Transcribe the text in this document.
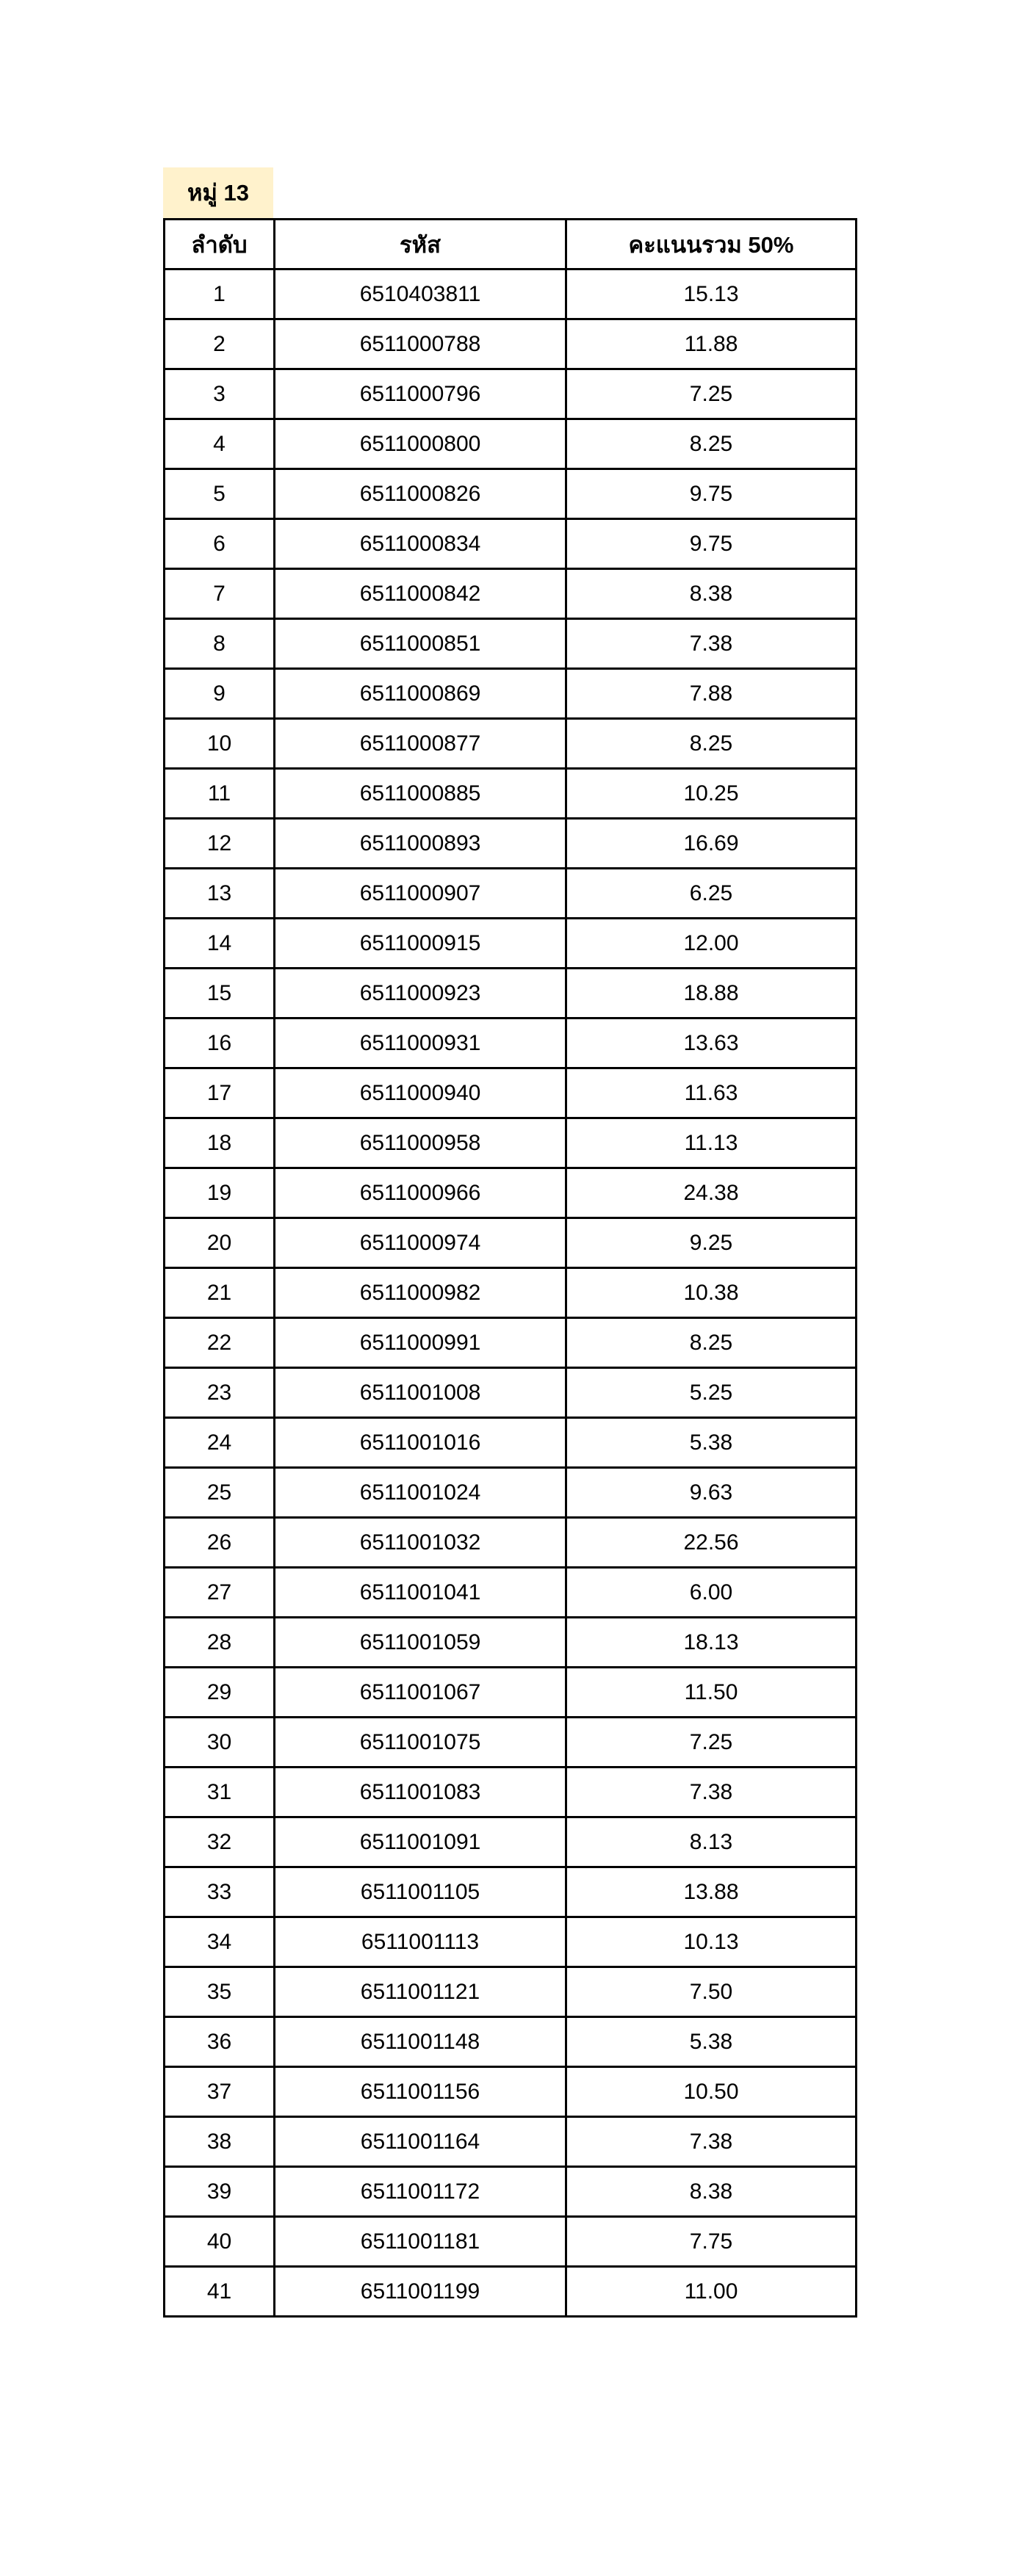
หมู่ 13
ลำดับ	รหัส	คะแนนรวม 50%
1	6510403811	15.13
2	6511000788	11.88
3	6511000796	7.25
4	6511000800	8.25
5	6511000826	9.75
6	6511000834	9.75
7	6511000842	8.38
8	6511000851	7.38
9	6511000869	7.88
10	6511000877	8.25
11	6511000885	10.25
12	6511000893	16.69
13	6511000907	6.25
14	6511000915	12.00
15	6511000923	18.88
16	6511000931	13.63
17	6511000940	11.63
18	6511000958	11.13
19	6511000966	24.38
20	6511000974	9.25
21	6511000982	10.38
22	6511000991	8.25
23	6511001008	5.25
24	6511001016	5.38
25	6511001024	9.63
26	6511001032	22.56
27	6511001041	6.00
28	6511001059	18.13
29	6511001067	11.50
30	6511001075	7.25
31	6511001083	7.38
32	6511001091	8.13
33	6511001105	13.88
34	6511001113	10.13
35	6511001121	7.50
36	6511001148	5.38
37	6511001156	10.50
38	6511001164	7.38
39	6511001172	8.38
40	6511001181	7.75
41	6511001199	11.00
